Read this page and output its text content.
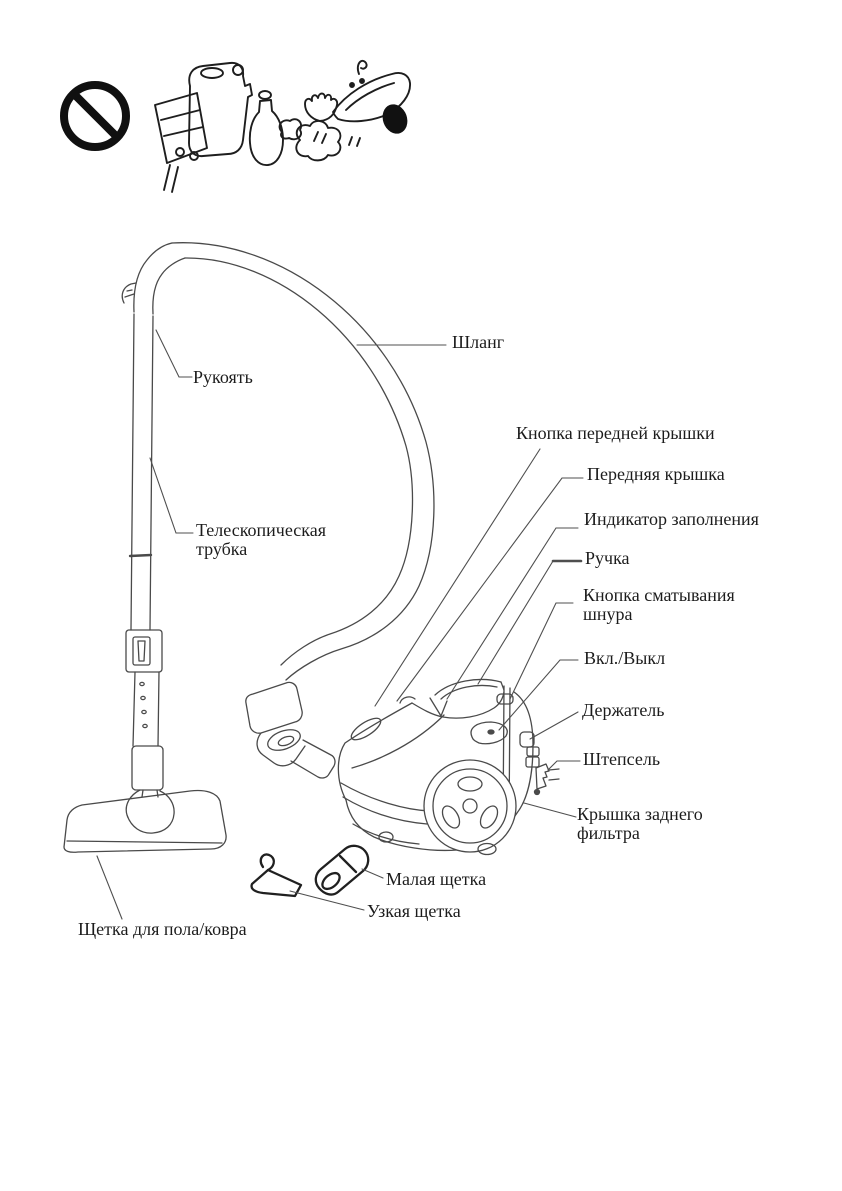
Шланг
Рукоять
Телескопическая трубка
Кнопка передней крышки
Передняя крышка
Индикатор заполнения
Ручка
Кнопка сматывания шнура
Вкл./Выкл
Держатель
Штепсель
Крышка заднего фильтра
Малая щетка
Узкая щетка
Щетка для пола/ковра
